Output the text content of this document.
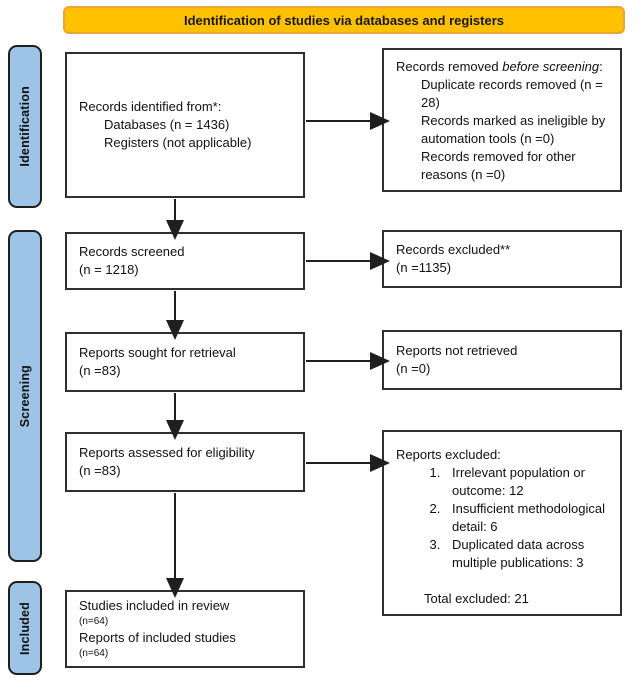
Identification of studies via databases and registers
Identification
Screening
Included
Records identified from*:
Databases (n = 1436)
Registers (not applicable)
Records screened
(n = 1218)
Reports sought for retrieval
(n =83)
Reports assessed for eligibility
(n =83)
Studies included in review
(n=64)
Reports of included studies
(n=64)
Records removed before screening:
Duplicate records removed (n = 28)
Records marked as ineligible by automation tools (n =0)
Records removed for other reasons (n =0)
Records excluded**
(n =1135)
Reports not retrieved
(n =0)
Reports excluded:
1. Irrelevant population or outcome: 12
2. Insufficient methodological detail: 6
3. Duplicated data across multiple publications: 3
Total excluded: 21
